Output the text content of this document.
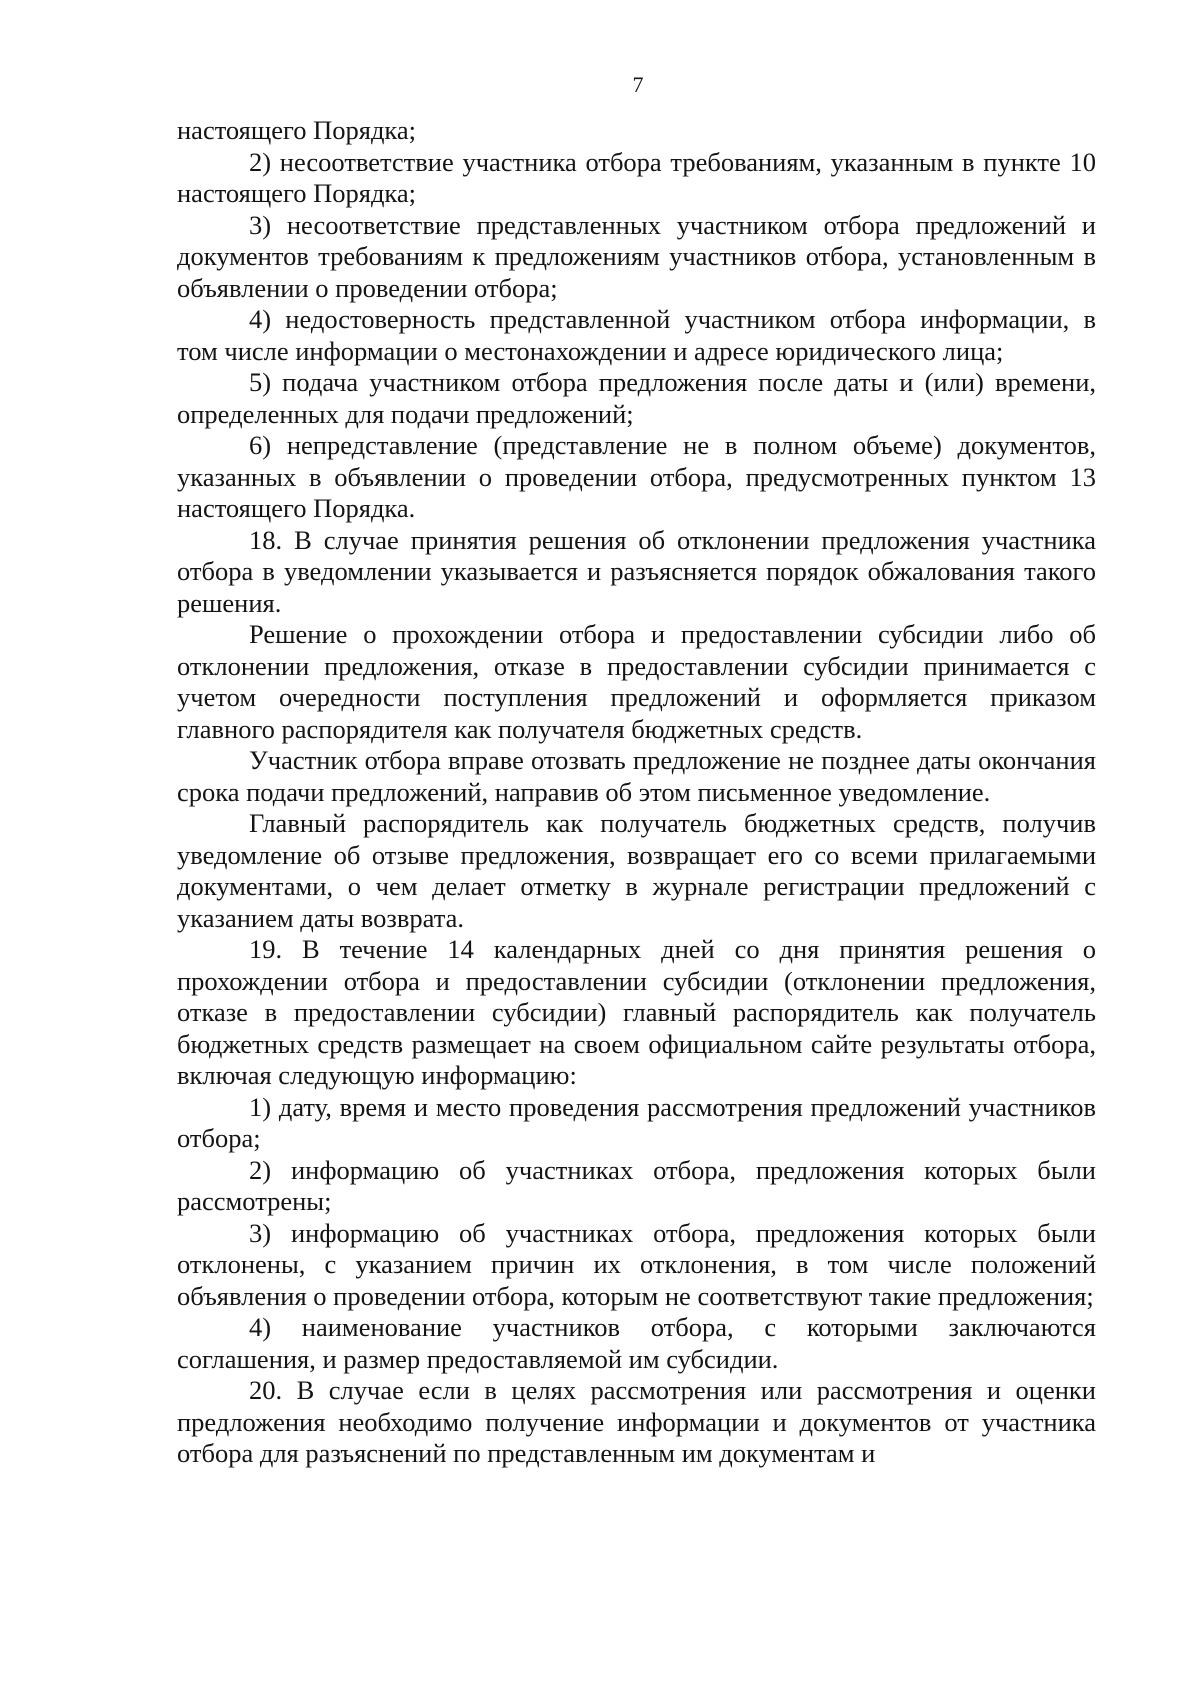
7

настоящего Порядка;

2) несоответствие участника отбора требованиям, указанным в пункте 10 настоящего Порядка;

3) несоответствие представленных участником отбора предложений и документов требованиям к предложениям участников отбора, установленным в объявлении о проведении отбора;

4) недостоверность представленной участником отбора информации, в том числе информации о местонахождении и адресе юридического лица;

5) подача участником отбора предложения после даты и (или) времени, определенных для подачи предложений;

6) непредставление (представление не в полном объеме) документов, указанных в объявлении о проведении отбора, предусмотренных пунктом 13 настоящего Порядка.

18. В случае принятия решения об отклонении предложения участника отбора в уведомлении указывается и разъясняется порядок обжалования такого решения.

Решение о прохождении отбора и предоставлении субсидии либо об отклонении предложения, отказе в предоставлении субсидии принимается с учетом очередности поступления предложений и оформляется приказом главного распорядителя как получателя бюджетных средств.

Участник отбора вправе отозвать предложение не позднее даты окончания срока подачи предложений, направив об этом письменное уведомление.

Главный распорядитель как получатель бюджетных средств, получив уведомление об отзыве предложения, возвращает его со всеми прилагаемыми документами, о чем делает отметку в журнале регистрации предложений с указанием даты возврата.

19. В течение 14 календарных дней со дня принятия решения о прохождении отбора и предоставлении субсидии (отклонении предложения, отказе в предоставлении субсидии) главный распорядитель как получатель бюджетных средств размещает на своем официальном сайте результаты отбора, включая следующую информацию:

1) дату, время и место проведения рассмотрения предложений участников отбора;

2) информацию об участниках отбора, предложения которых были рассмотрены;

3) информацию об участниках отбора, предложения которых были отклонены, с указанием причин их отклонения, в том числе положений объявления о проведении отбора, которым не соответствуют такие предложения;

4) наименование участников отбора, с которыми заключаются соглашения, и размер предоставляемой им субсидии.

20. В случае если в целях рассмотрения или рассмотрения и оценки предложения необходимо получение информации и документов от участника отбора для разъяснений по представленным им документам и
